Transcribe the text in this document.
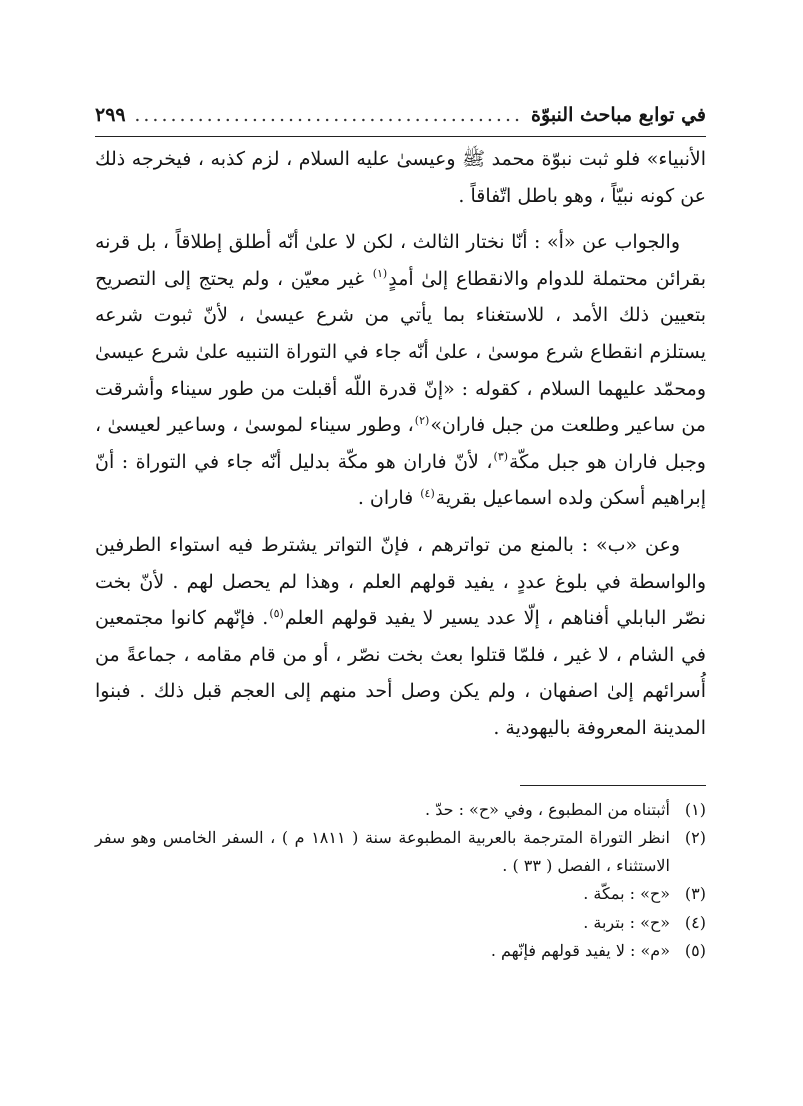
في توابع مباحث النبوّة
.....
٢٩٩

الأنبياء» فلو ثبت نبوّة محمد ﷺ وعيسىٰ عليه السلام ، لزم كذبه ، فيخرجه ذلك عن كونه نبيّاً ، وهو باطل اتّفاقاً .

والجواب عن «أ» : أنّا نختار الثالث ، لكن لا علىٰ أنّه أطلق إطلاقاً ، بل قرنه بقرائن محتملة للدوام والانقطاع إلىٰ أمدٍ$^{(١)}$ غير معيّن ، ولم يحتج إلى التصريح بتعيين ذلك الأمد ، للاستغناء بما يأتي من شرع عيسىٰ ، لأنّ ثبوت شرعه يستلزم انقطاع شرع موسىٰ ، علىٰ أنّه جاء في التوراة التنبيه علىٰ شرع عيسىٰ ومحمّد عليهما السلام ، كقوله : «إنّ قدرة اللّه أقبلت من طور سيناء وأشرقت من ساعير وطلعت من جبل فاران»$^{(٢)}$، وطور سيناء لموسىٰ ، وساعير لعيسىٰ ، وجبل فاران هو جبل مكّة$^{(٣)}$، لأنّ فاران هو مكّة بدليل أنّه جاء في التوراة : أنّ إبراهيم أسكن ولده اسماعيل بقرية$^{(٤)}$ فاران .

وعن «ب» : بالمنع من تواترهم ، فإنّ التواتر يشترط فيه استواء الطرفين والواسطة في بلوغ عددٍ ، يفيد قولهم العلم ، وهذا لم يحصل لهم . لأنّ بخت نصّر البابلي أفناهم ، إلّا عدد يسير لا يفيد قولهم العلم$^{(٥)}$. فإنّهم كانوا مجتمعين في الشام ، لا غير ، فلمّا قتلوا بعث بخت نصّر ، أو من قام مقامه ، جماعةً من أُسرائهم إلىٰ اصفهان ، ولم يكن وصل أحد منهم إلى العجم قبل ذلك . فبنوا المدينة المعروفة باليهودية .

(١)
أثبتناه من المطبوع ، وفي «ح» : حدّ .
(٢)
انظر التوراة المترجمة بالعربية المطبوعة سنة ( ١٨١١ م ) ، السفر الخامس وهو سفر الاستثناء ، الفصل ( ٣٣ ) .
(٣)
«ح» : بمكّة .
(٤)
«ح» : بتربة .
(٥)
«م» : لا يفيد قولهم فإنّهم .
